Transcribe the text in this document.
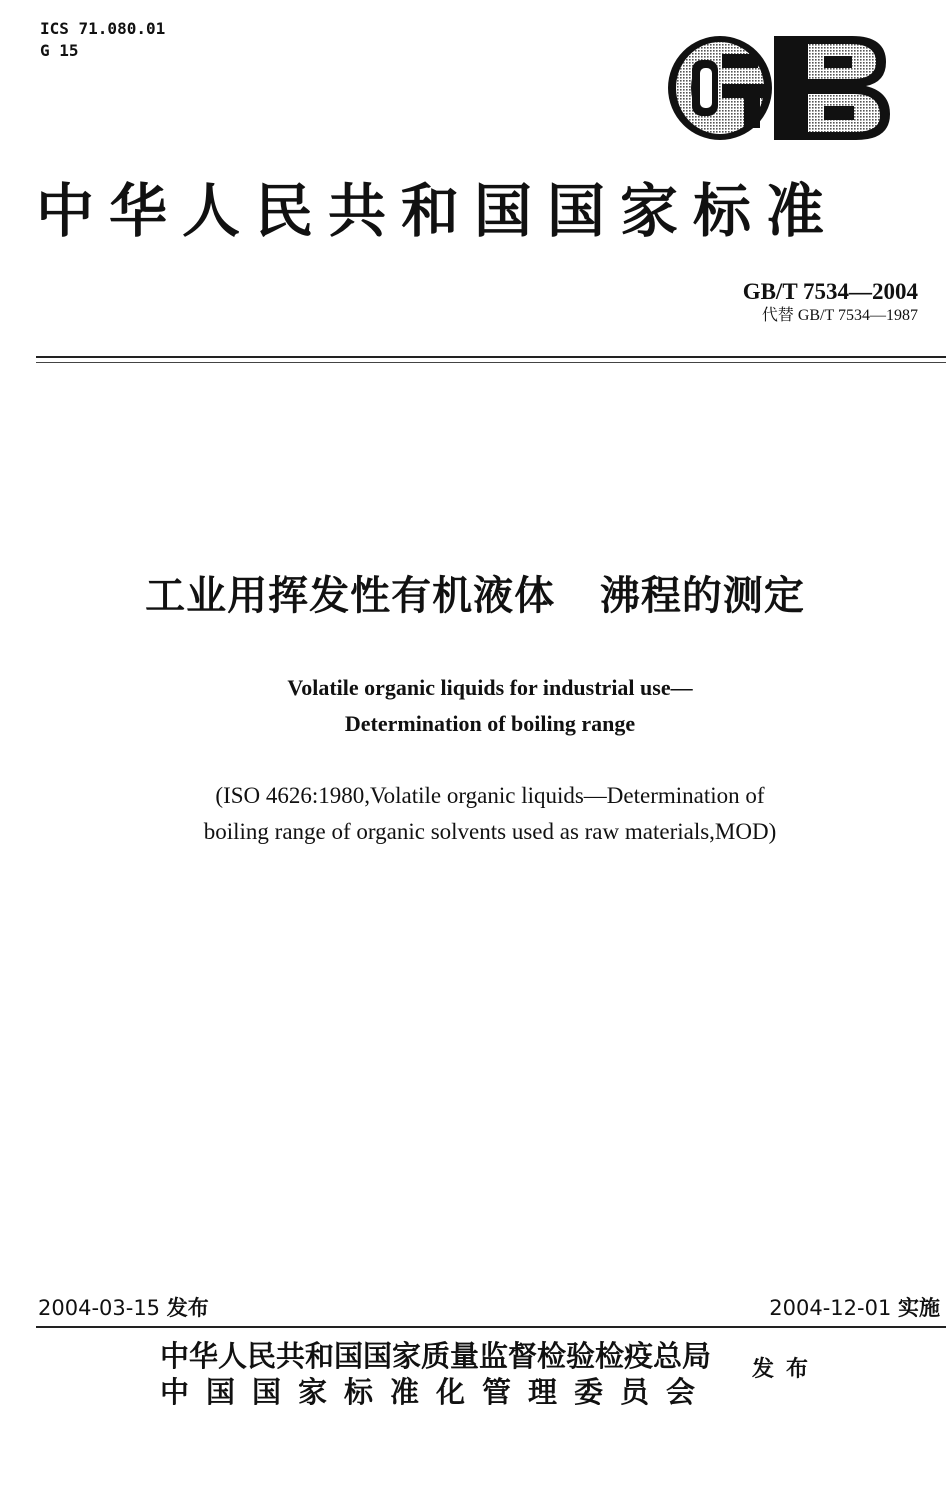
ICS 71.080.01
G 15
中华人民共和国国家标准
GB/T 7534—2004
代替 GB/T 7534—1987
工业用挥发性有机液体   沸程的测定
Volatile organic liquids for industrial use—
Determination of boiling range
(ISO 4626:1980,Volatile organic liquids—Determination of
boiling range of organic solvents used as raw materials,MOD)
2004-03-15 发布	2004-12-01 实施
中华人民共和国国家质量监督检验检疫总局
中国国家标准化管理委员会
发布
